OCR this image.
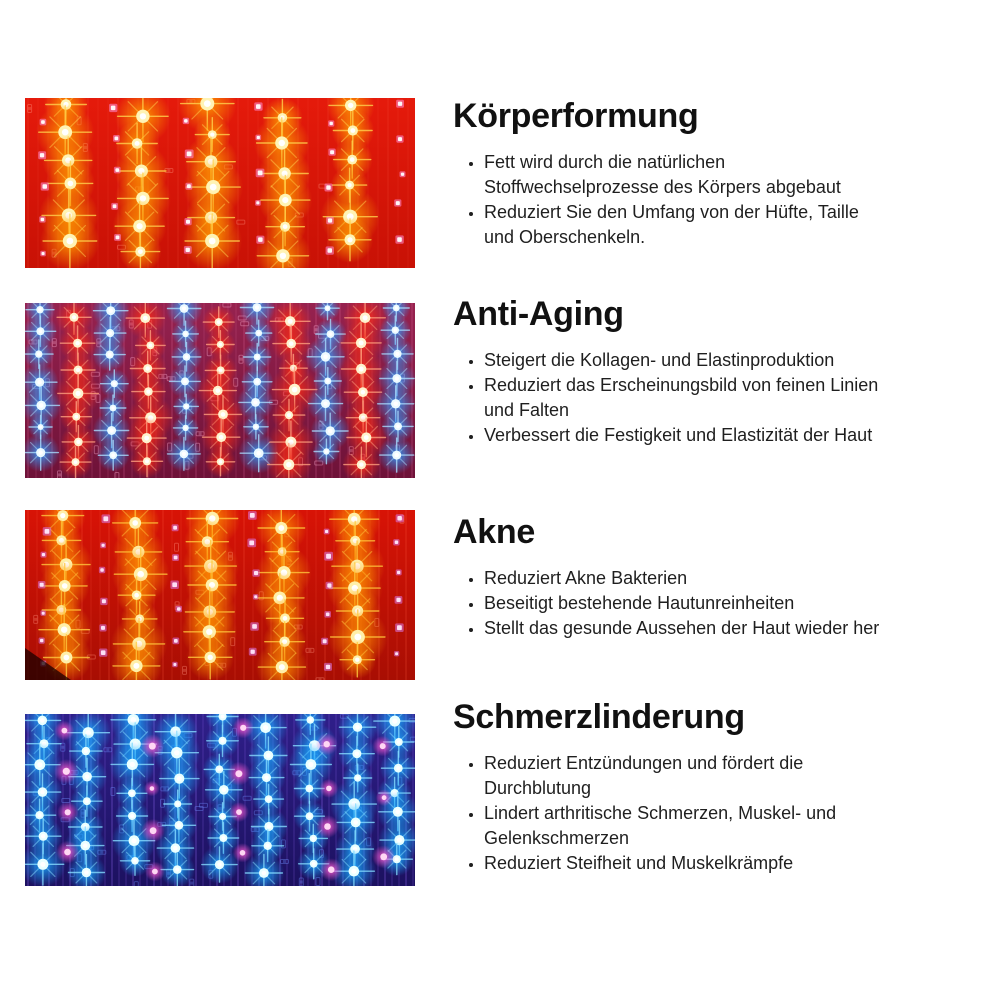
Körperformung
• Fett wird durch die natürlichen Stoffwechselprozesse des Körpers abgebaut
• Reduziert Sie den Umfang von der Hüfte, Taille und Oberschenkeln.
Anti-Aging
• Steigert die Kollagen- und Elastinproduktion
• Reduziert das Erscheinungsbild von feinen Linien und Falten
• Verbessert die Festigkeit und Elastizität der Haut
Akne
• Reduziert Akne Bakterien
• Beseitigt bestehende Hautunreinheiten
• Stellt das gesunde Aussehen der Haut wieder her
Schmerzlinderung
• Reduziert Entzündungen und fördert die Durchblutung
• Lindert arthritische Schmerzen, Muskel- und Gelenkschmerzen
• Reduziert Steifheit und Muskelkrämpfe
